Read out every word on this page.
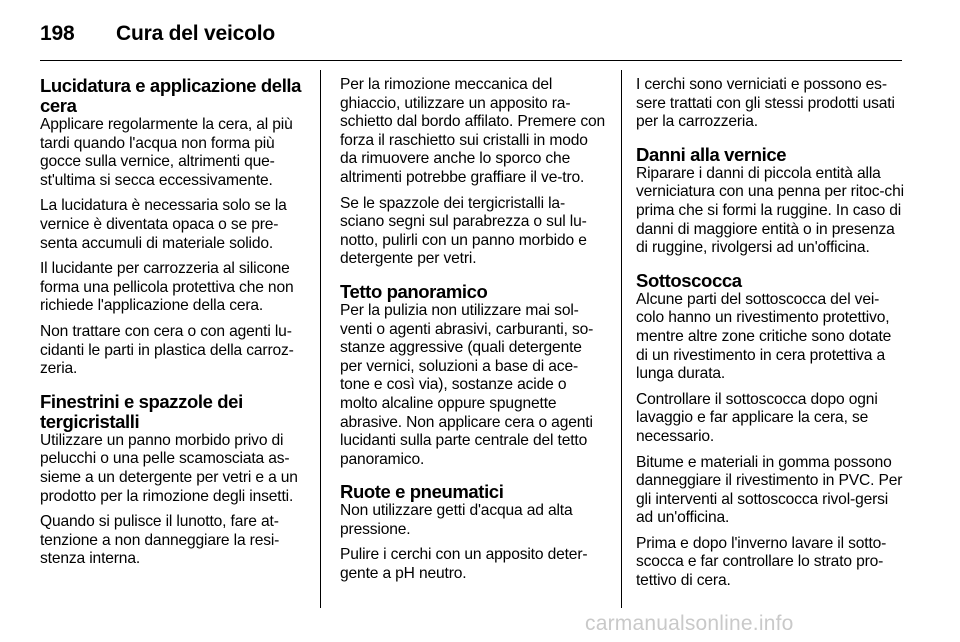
198 Cura del veicolo
Lucidatura e applicazione della cera

Applicare regolarmente la cera, al più tardi quando l'acqua non forma più gocce sulla vernice, altrimenti que-st'ultima si secca eccessivamente.

La lucidatura è necessaria solo se la vernice è diventata opaca o se pre-senta accumuli di materiale solido.

Il lucidante per carrozzeria al silicone forma una pellicola protettiva che non richiede l'applicazione della cera.

Non trattare con cera o con agenti lu-cidanti le parti in plastica della carroz-zeria.

Finestrini e spazzole dei tergicristalli

Utilizzare un panno morbido privo di pelucchi o una pelle scamosciata as-sieme a un detergente per vetri e a un prodotto per la rimozione degli insetti.

Quando si pulisce il lunotto, fare at-tenzione a non danneggiare la resi-stenza interna.

Per la rimozione meccanica del ghiaccio, utilizzare un apposito ra-schietto dal bordo affilato. Premere con forza il raschietto sui cristalli in modo da rimuovere anche lo sporco che altrimenti potrebbe graffiare il ve-tro.

Se le spazzole dei tergicristalli la-sciano segni sul parabrezza o sul lu-notto, pulirli con un panno morbido e detergente per vetri.

Tetto panoramico

Per la pulizia non utilizzare mai sol-venti o agenti abrasivi, carburanti, so-stanze aggressive (quali detergente per vernici, soluzioni a base di ace-tone e così via), sostanze acide o molto alcaline oppure spugnette abrasive. Non applicare cera o agenti lucidanti sulla parte centrale del tetto panoramico.

Ruote e pneumatici

Non utilizzare getti d'acqua ad alta pressione.

Pulire i cerchi con un apposito deter-gente a pH neutro.

I cerchi sono verniciati e possono es-sere trattati con gli stessi prodotti usati per la carrozzeria.

Danni alla vernice

Riparare i danni di piccola entità alla verniciatura con una penna per ritoc-chi prima che si formi la ruggine. In caso di danni di maggiore entità o in presenza di ruggine, rivolgersi ad un'officina.

Sottoscocca

Alcune parti del sottoscocca del vei-colo hanno un rivestimento protettivo, mentre altre zone critiche sono dotate di un rivestimento in cera protettiva a lunga durata.

Controllare il sottoscocca dopo ogni lavaggio e far applicare la cera, se necessario.

Bitume e materiali in gomma possono danneggiare il rivestimento in PVC. Per gli interventi al sottoscocca rivol-gersi ad un'officina.

Prima e dopo l'inverno lavare il sotto-scocca e far controllare lo strato pro-tettivo di cera.

carmanualsonline.info
